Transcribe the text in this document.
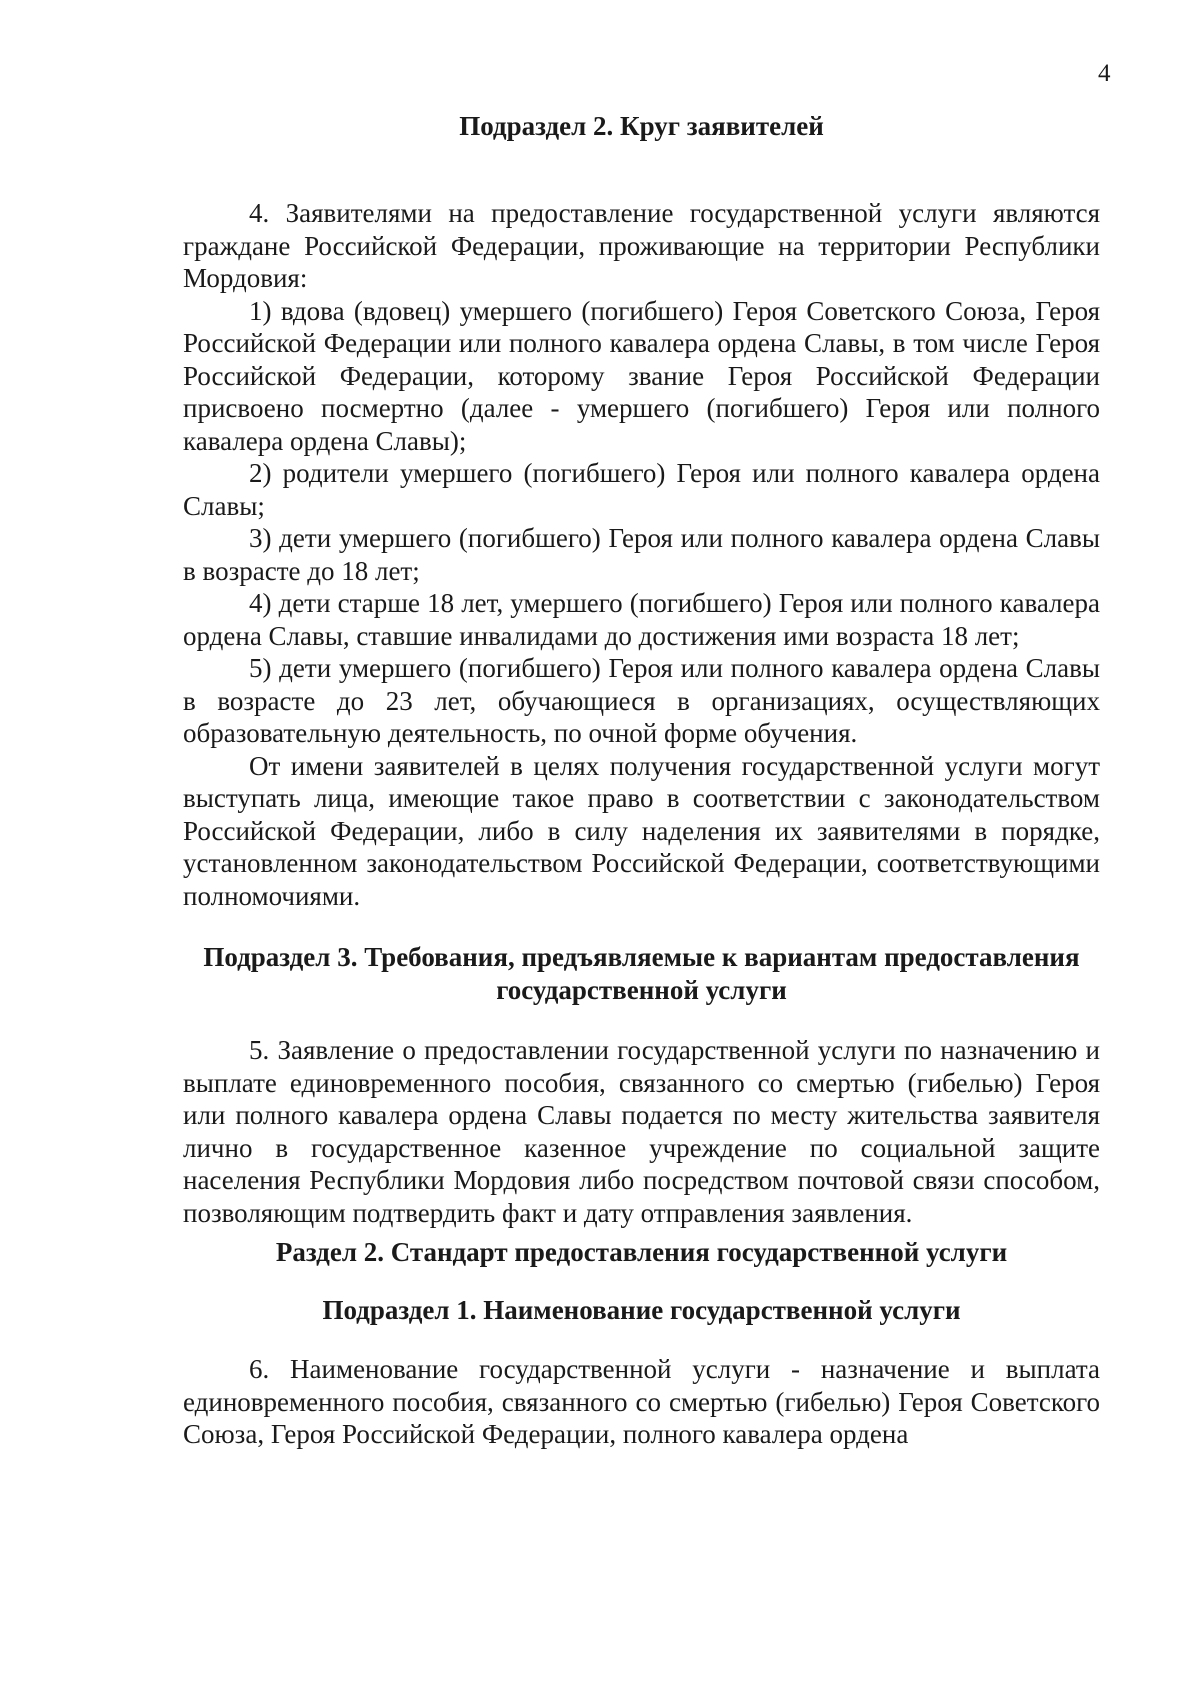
4
Подраздел 2. Круг заявителей

4. Заявителями на предоставление государственной услуги являются граждане Российской Федерации, проживающие на территории Республики Мордовия:

1) вдова (вдовец) умершего (погибшего) Героя Советского Союза, Героя Российской Федерации или полного кавалера ордена Славы, в том числе Героя Российской Федерации, которому звание Героя Российской Федерации присвоено посмертно (далее - умершего (погибшего) Героя или полного кавалера ордена Славы);

2) родители умершего (погибшего) Героя или полного кавалера ордена Славы;

3) дети умершего (погибшего) Героя или полного кавалера ордена Славы в возрасте до 18 лет;

4) дети старше 18 лет, умершего (погибшего) Героя или полного кавалера ордена Славы, ставшие инвалидами до достижения ими возраста 18 лет;

5) дети умершего (погибшего) Героя или полного кавалера ордена Славы в возрасте до 23 лет, обучающиеся в организациях, осуществляющих образовательную деятельность, по очной форме обучения.

От имени заявителей в целях получения государственной услуги могут выступать лица, имеющие такое право в соответствии с законодательством Российской Федерации, либо в силу наделения их заявителями в порядке, установленном законодательством Российской Федерации, соответствующими полномочиями.

Подраздел 3. Требования, предъявляемые к вариантам предоставления
государственной услуги

5. Заявление о предоставлении государственной услуги по назначению и выплате единовременного пособия, связанного со смертью (гибелью) Героя или полного кавалера ордена Славы подается по месту жительства заявителя лично в государственное казенное учреждение по социальной защите населения Республики Мордовия либо посредством почтовой связи способом, позволяющим подтвердить факт и дату отправления заявления.

Раздел 2. Стандарт предоставления государственной услуги
Подраздел 1. Наименование государственной услуги

6. Наименование государственной услуги - назначение и выплата единовременного пособия, связанного со смертью (гибелью) Героя Советского Союза, Героя Российской Федерации, полного кавалера ордена
